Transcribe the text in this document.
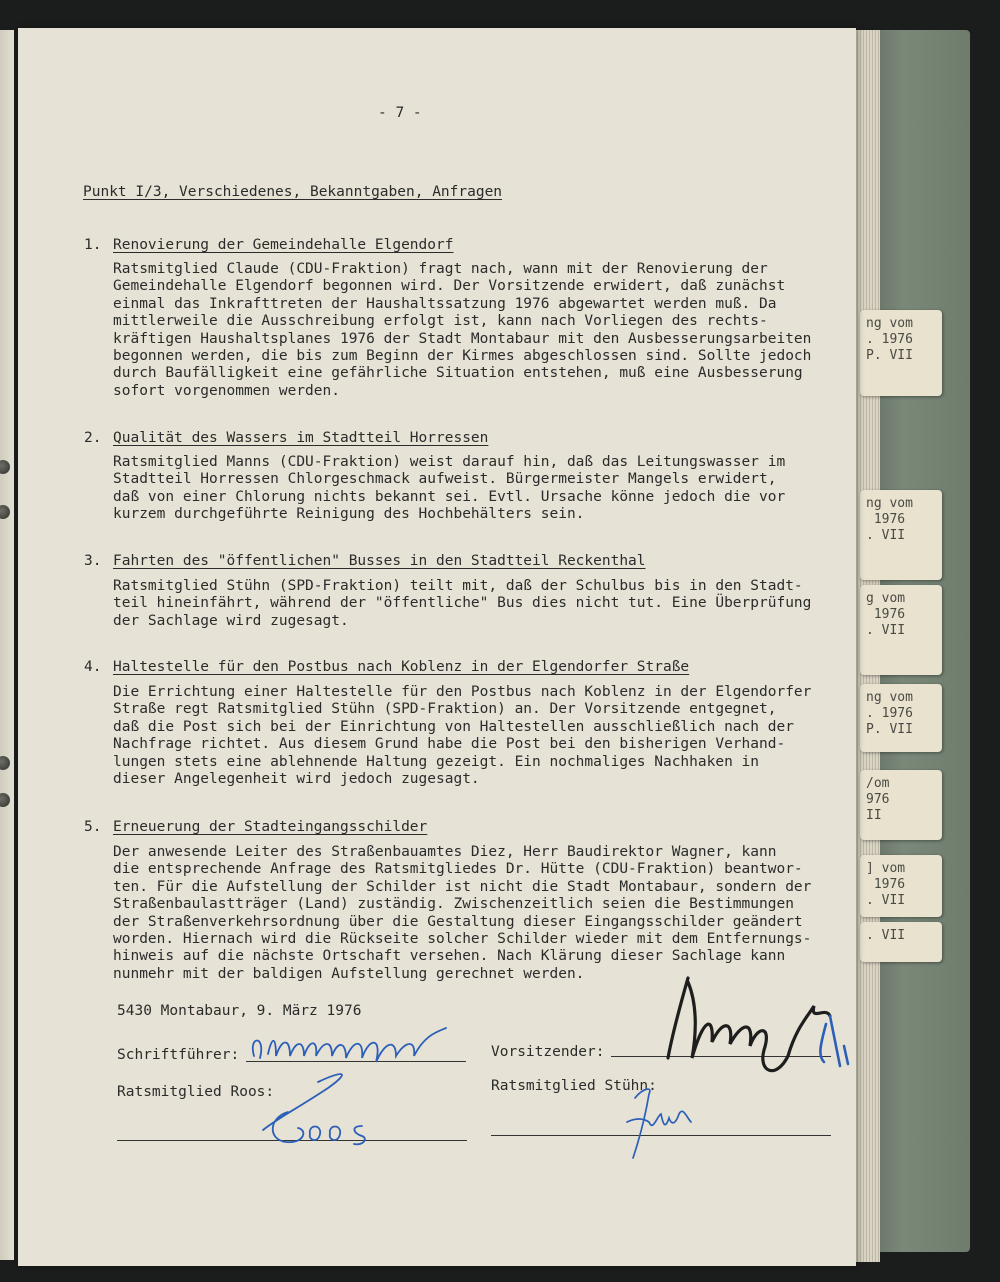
ng vom
. 1976
P. VII
ng vom
1976
. VII
g vom
1976
. VII
ng vom
. 1976
P. VII
/om
976
II
] vom
1976
. VII
. VII
- 7 -
Punkt I/3, Verschiedenes, Bekanntgaben, Anfragen
1. Renovierung der Gemeindehalle Elgendorf
Ratsmitglied Claude (CDU-Fraktion) fragt nach, wann mit der Renovierung der
Gemeindehalle Elgendorf begonnen wird. Der Vorsitzende erwidert, daß zunächst
einmal das Inkrafttreten der Haushaltssatzung 1976 abgewartet werden muß. Da
mittlerweile die Ausschreibung erfolgt ist, kann nach Vorliegen des rechts-
kräftigen Haushaltsplanes 1976 der Stadt Montabaur mit den Ausbesserungsarbeiten
begonnen werden, die bis zum Beginn der Kirmes abgeschlossen sind. Sollte jedoch
durch Baufälligkeit eine gefährliche Situation entstehen, muß eine Ausbesserung
sofort vorgenommen werden.
2. Qualität des Wassers im Stadtteil Horressen
Ratsmitglied Manns (CDU-Fraktion) weist darauf hin, daß das Leitungswasser im
Stadtteil Horressen Chlorgeschmack aufweist. Bürgermeister Mangels erwidert,
daß von einer Chlorung nichts bekannt sei. Evtl. Ursache könne jedoch die vor
kurzem durchgeführte Reinigung des Hochbehälters sein.
3. Fahrten des "öffentlichen" Busses in den Stadtteil Reckenthal
Ratsmitglied Stühn (SPD-Fraktion) teilt mit, daß der Schulbus bis in den Stadt-
teil hineinfährt, während der "öffentliche" Bus dies nicht tut. Eine Überprüfung
der Sachlage wird zugesagt.
4. Haltestelle für den Postbus nach Koblenz in der Elgendorfer Straße
Die Errichtung einer Haltestelle für den Postbus nach Koblenz in der Elgendorfer
Straße regt Ratsmitglied Stühn (SPD-Fraktion) an. Der Vorsitzende entgegnet,
daß die Post sich bei der Einrichtung von Haltestellen ausschließlich nach der
Nachfrage richtet. Aus diesem Grund habe die Post bei den bisherigen Verhand-
lungen stets eine ablehnende Haltung gezeigt. Ein nochmaliges Nachhaken in
dieser Angelegenheit wird jedoch zugesagt.
5. Erneuerung der Stadteingangsschilder
Der anwesende Leiter des Straßenbauamtes Diez, Herr Baudirektor Wagner, kann
die entsprechende Anfrage des Ratsmitgliedes Dr. Hütte (CDU-Fraktion) beantwor-
ten. Für die Aufstellung der Schilder ist nicht die Stadt Montabaur, sondern der
Straßenbaulastträger (Land) zuständig. Zwischenzeitlich seien die Bestimmungen
der Straßenverkehrsordnung über die Gestaltung dieser Eingangsschilder geändert
worden. Hiernach wird die Rückseite solcher Schilder wieder mit dem Entfernungs-
hinweis auf die nächste Ortschaft versehen. Nach Klärung dieser Sachlage kann
nunmehr mit der baldigen Aufstellung gerechnet werden.
5430 Montabaur, 9. März 1976
Schriftführer:	Vorsitzender:
Ratsmitglied Roos:	Ratsmitglied Stühn:
